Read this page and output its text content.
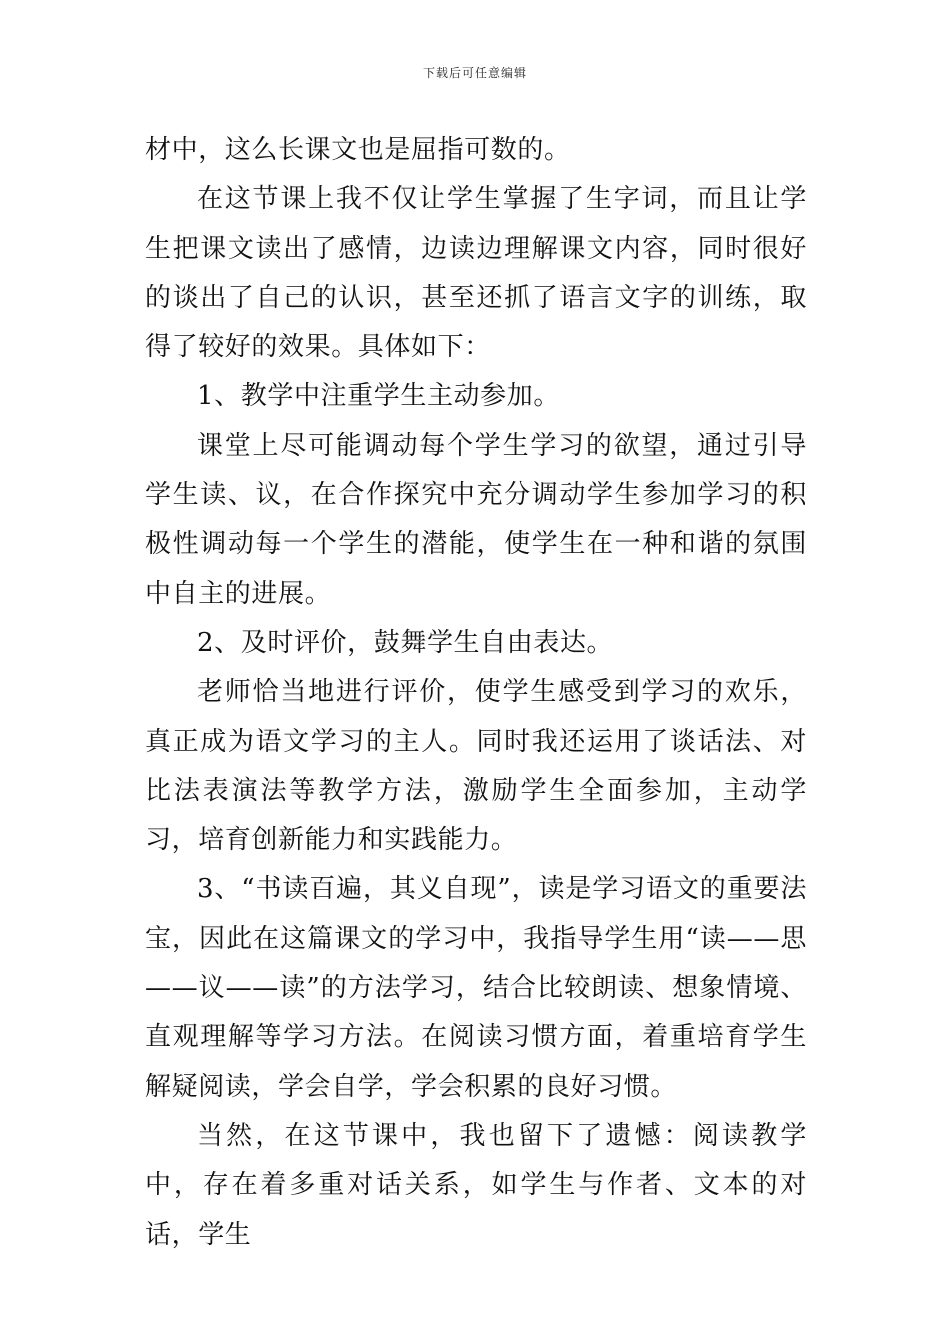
下载后可任意编辑

材中，这么长课文也是屈指可数的。

在这节课上我不仅让学生掌握了生字词，而且让学生把课文读出了感情，边读边理解课文内容，同时很好的谈出了自己的认识，甚至还抓了语言文字的训练，取得了较好的效果。具体如下：

1、教学中注重学生主动参加。

课堂上尽可能调动每个学生学习的欲望，通过引导学生读、议，在合作探究中充分调动学生参加学习的积极性调动每一个学生的潜能，使学生在一种和谐的氛围中自主的进展。

2、及时评价，鼓舞学生自由表达。

老师恰当地进行评价，使学生感受到学习的欢乐，真正成为语文学习的主人。同时我还运用了谈话法、对比法表演法等教学方法，激励学生全面参加，主动学习，培育创新能力和实践能力。

3、“书读百遍，其义自现”，读是学习语文的重要法宝，因此在这篇课文的学习中，我指导学生用“读——思——议——读”的方法学习，结合比较朗读、想象情境、直观理解等学习方法。在阅读习惯方面，着重培育学生解疑阅读，学会自学，学会积累的良好习惯。

当然，在这节课中，我也留下了遗憾：阅读教学中，存在着多重对话关系，如学生与作者、文本的对话，学生
